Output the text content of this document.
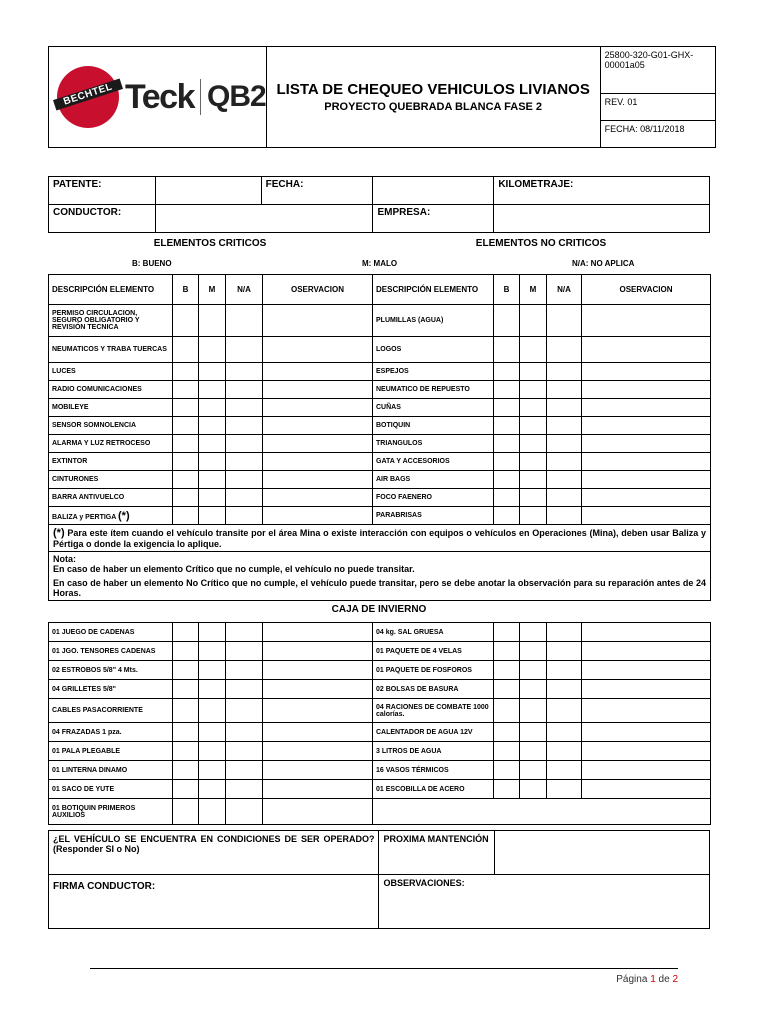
BECHTEL Teck QB2	LISTA DE CHEQUEO VEHICULOS LIVIANOS
PROYECTO QUEBRADA BLANCA FASE 2
	25800-320-G01-GHX-00001a05
REV. 01
FECHA: 08/11/2018
PATENTE:		FECHA:		KILOMETRAJE:
CONDUCTOR:			EMPRESA:	
ELEMENTOS CRITICOS	ELEMENTOS NO CRITICOS
B: BUENO	M: MALO	N/A: NO APLICA
DESCRIPCIÓN ELEMENTO	B	M	N/A	OSERVACION	DESCRIPCIÓN ELEMENTO	B	M	N/A	OSERVACION
PERMISO CIRCULACION, SEGURO OBLIGATORIO Y REVISIÓN TECNICA					PLUMILLAS (AGUA)				
NEUMATICOS Y TRABA TUERCAS					LOGOS				
LUCES					ESPEJOS				
RADIO COMUNICACIONES					NEUMATICO DE REPUESTO				
MOBILEYE					CUÑAS				
SENSOR SOMNOLENCIA					BOTIQUIN				
ALARMA Y LUZ RETROCESO					TRIANGULOS				
EXTINTOR					GATA Y ACCESORIOS				
CINTURONES					AIR BAGS				
BARRA ANTIVUELCO					FOCO FAENERO				
BALIZA y PERTIGA (*)					PARABRISAS				
(*) Para este ítem cuando el vehículo transite por el área Mina o existe interacción con equipos o vehículos en Operaciones (Mina), deben usar Baliza y Pértiga o donde la exigencia lo aplique.									

Nota:
En caso de haber un elemento Crítico que no cumple, el vehículo no puede transitar.
En caso de haber un elemento No Crítico que no cumple, el vehículo puede transitar, pero se debe anotar la observación para su reparación antes de 24 Horas.									
CAJA DE INVIERNO
01 JUEGO DE CADENAS					04 kg. SAL GRUESA				
01 JGO. TENSORES CADENAS					01 PAQUETE DE 4 VELAS				
02 ESTROBOS 5/8" 4 Mts.					01 PAQUETE DE FOSFOROS				
04 GRILLETES 5/8"					02 BOLSAS DE BASURA				
CABLES PASACORRIENTE					04 RACIONES DE COMBATE 1000 calorías.				
04 FRAZADAS 1 pza.					CALENTADOR DE AGUA 12V				
01 PALA PLEGABLE					3 LITROS DE AGUA				
01 LINTERNA DINAMO					16 VASOS TÉRMICOS				
01 SACO DE YUTE					01 ESCOBILLA DE ACERO				
01 BOTIQUIN PRIMEROS AUXILIOS									
¿EL VEHÍCULO SE ENCUENTRA EN CONDICIONES DE SER OPERADO? (Responder SI o No)	PROXIMA MANTENCIÓN	
FIRMA CONDUCTOR:	OBSERVACIONES:	
Página 1 de 2
